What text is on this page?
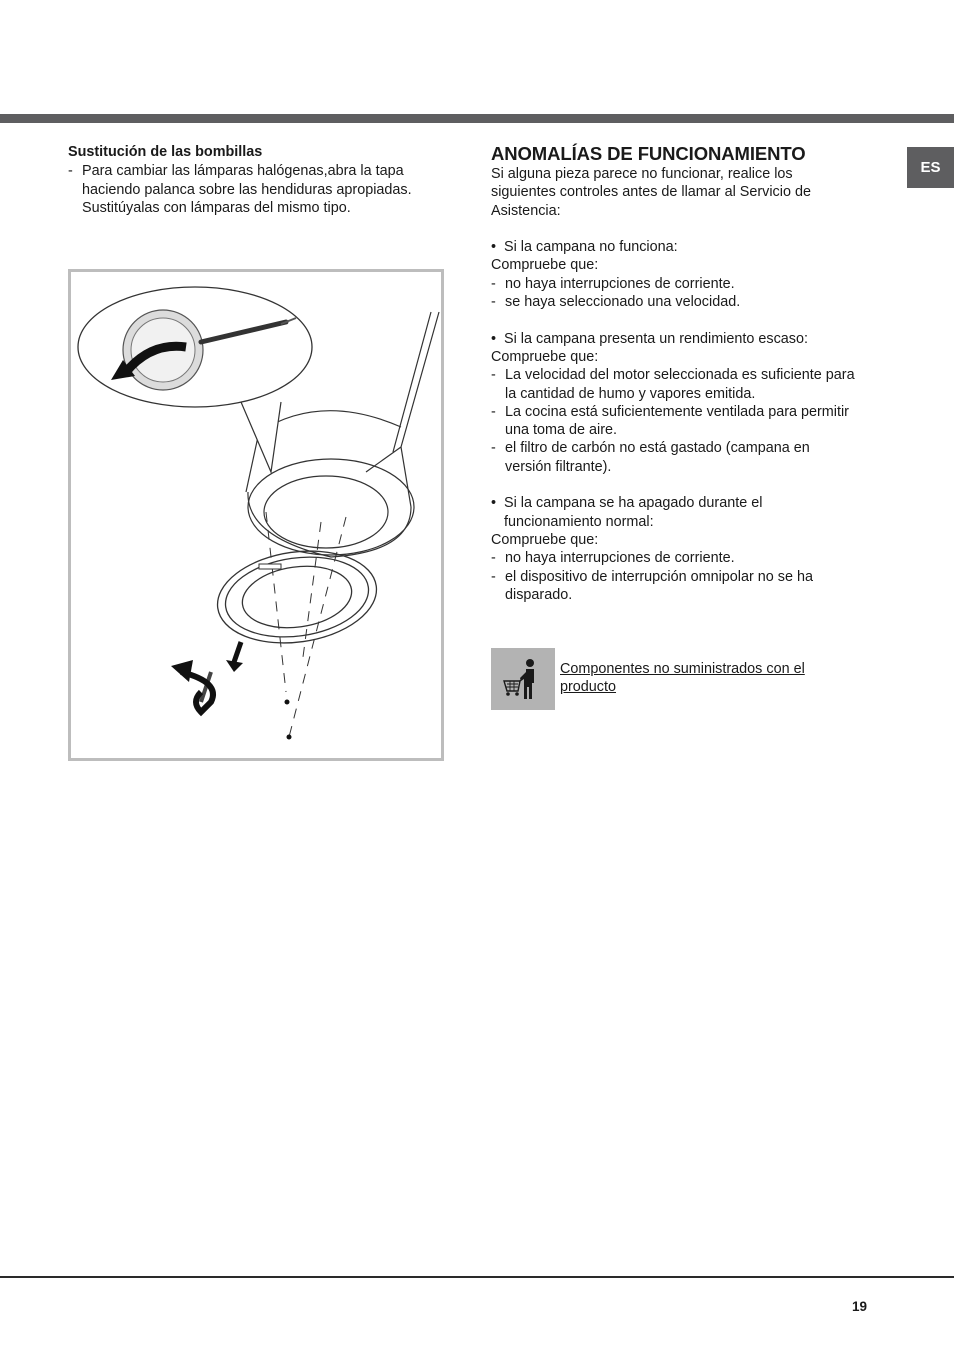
ES
Sustitución de las bombillas
- Para cambiar las lámparas halógenas,abra la tapa
haciendo palanca sobre las hendiduras apropiadas.
Sustitúyalas con lámparas del mismo tipo.
ANOMALÍAS DE FUNCIONAMIENTO
Si alguna pieza parece no funcionar, realice los
siguientes controles antes de llamar al Servicio de
Asistencia:
• Si la campana no funciona:
Compruebe que:
- no haya interrupciones de corriente.
- se haya seleccionado una velocidad.
• Si la campana presenta un rendimiento escaso:
Compruebe que:
- La velocidad del motor seleccionada es suficiente para
la cantidad de humo y vapores emitida.
- La cocina está suficientemente ventilada para permitir
una toma de aire.
- el filtro de carbón no está gastado (campana en
versión filtrante).
• Si la campana se ha apagado durante el
funcionamiento normal:
Compruebe que:
- no haya interrupciones de corriente.
- el dispositivo de interrupción omnipolar no se ha
disparado.
Componentes no suministrados con el
producto
19
